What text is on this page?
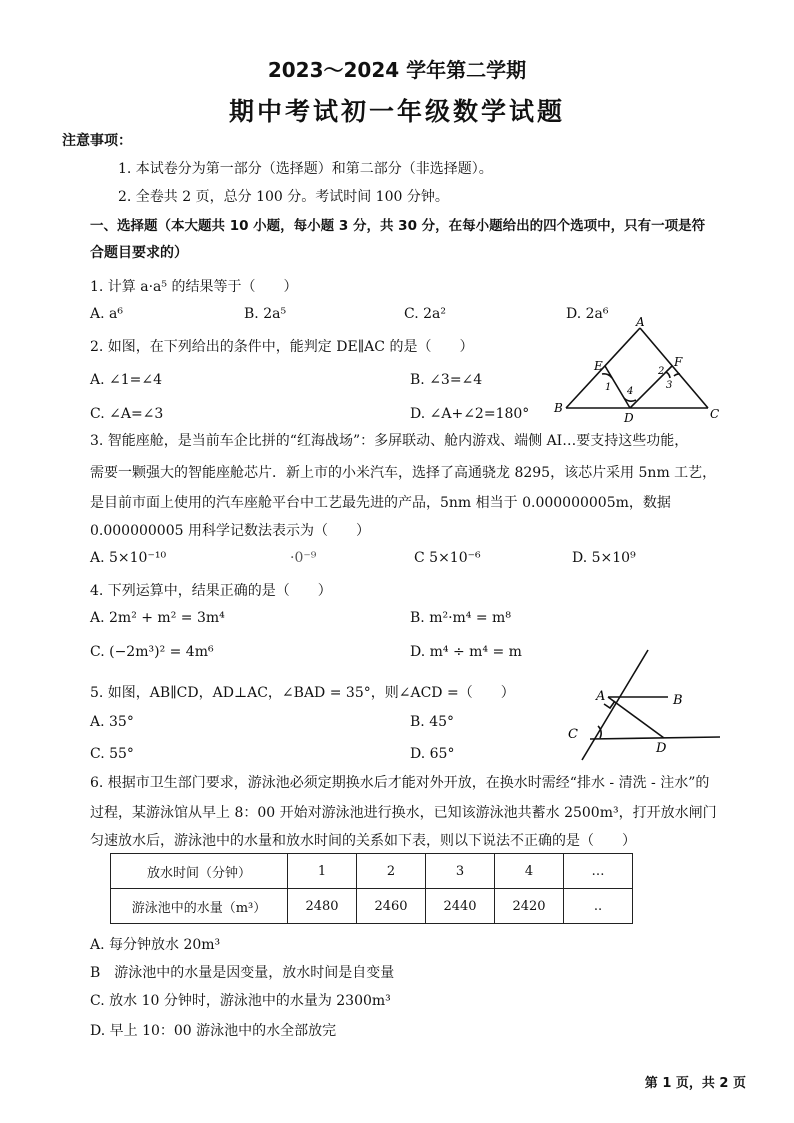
2023～2024 学年第二学期
期中考试初一年级数学试题
注意事项：
1. 本试卷分为第一部分（选择题）和第二部分（非选择题）。
2. 全卷共 2 页，总分 100 分。考试时间 100 分钟。
一、选择题（本大题共 10 小题，每小题 3 分，共 30 分，在每小题给出的四个选项中，只有一项是符
合题目要求的）
1. 计算 a·a⁵ 的结果等于（　　）
A. a⁶	B. 2a⁵	C. 2a²	D. 2a⁶
2. 如图，在下列给出的条件中，能判定 DE∥AC 的是（　　）
A. ∠1=∠4	B. ∠3=∠4
C. ∠A=∠3	D. ∠A+∠2=180°
A
B	C
D
E	F
1
2
3
4
3. 智能座舱，是当前车企比拼的“红海战场”：多屏联动、舱内游戏、端侧 AI…要支持这些功能，
需要一颗强大的智能座舱芯片．新上市的小米汽车，选择了高通骁龙 8295，该芯片采用 5nm 工艺，
是目前市面上使用的汽车座舱平台中工艺最先进的产品，5nm 相当于 0.000000005m，数据
0.000000005 用科学记数法表示为（　　）
A. 5×10⁻¹⁰	·0⁻⁹	C 5×10⁻⁶	D. 5×10⁹
4. 下列运算中，结果正确的是（　　）
A. 2m² + m² = 3m⁴	B. m²·m⁴ = m⁸
C. (−2m³)² = 4m⁶	D. m⁴ ÷ m⁴ = m
5. 如图，AB∥CD，AD⊥AC，∠BAD = 35°，则∠ACD =（　　）
A. 35°	B. 45°
C. 55°	D. 65°
A	B
C
D
6. 根据市卫生部门要求，游泳池必须定期换水后才能对外开放，在换水时需经“排水 - 清洗 - 注水”的
过程，某游泳馆从早上 8：00 开始对游泳池进行换水，已知该游泳池共蓄水 2500m³，打开放水闸门
匀速放水后，游泳池中的水量和放水时间的关系如下表，则以下说法不正确的是（　　）
放水时间（分钟）	1	2	3	4	…
游泳池中的水量（m³）	2480	2460	2440	2420	..
A. 每分钟放水 20m³
B　游泳池中的水量是因变量，放水时间是自变量
C. 放水 10 分钟时，游泳池中的水量为 2300m³
D. 早上 10：00 游泳池中的水全部放完
第 1 页，共 2 页
